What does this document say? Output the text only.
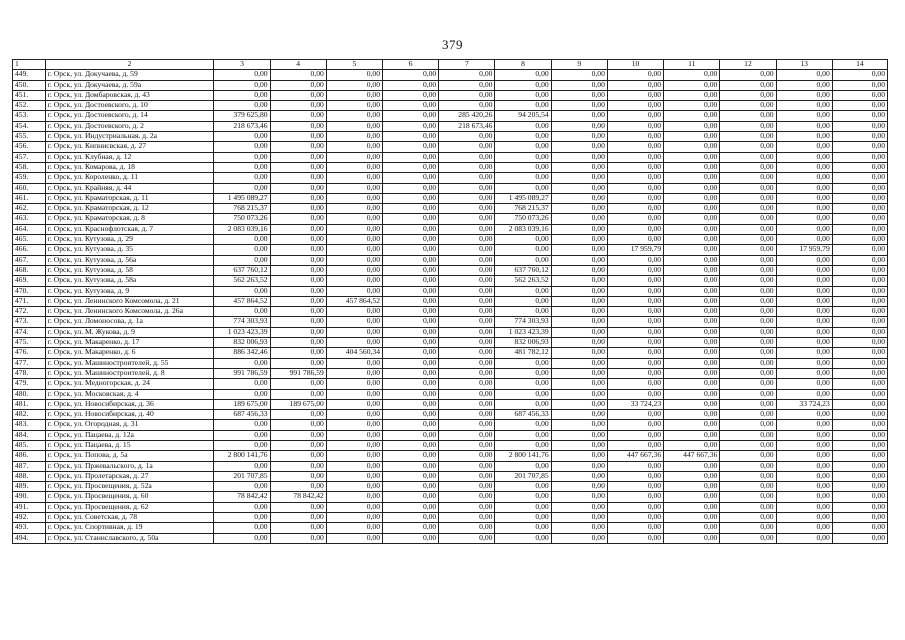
379
1	2	3	4	5	6	7	8	9	10	11	12	13	14
449.	г. Орск, ул. Докучаева, д. 59	0,00	0,00	0,00	0,00	0,00	0,00	0,00	0,00	0,00	0,00	0,00	0,00
450.	г. Орск, ул. Докучаева, д. 59а	0,00	0,00	0,00	0,00	0,00	0,00	0,00	0,00	0,00	0,00	0,00	0,00
451.	г. Орск, ул. Домбаровская, д. 43	0,00	0,00	0,00	0,00	0,00	0,00	0,00	0,00	0,00	0,00	0,00	0,00
452.	г. Орск, ул. Достоевского, д. 10	0,00	0,00	0,00	0,00	0,00	0,00	0,00	0,00	0,00	0,00	0,00	0,00
453.	г. Орск, ул. Достоевского, д. 14	379 625,80	0,00	0,00	0,00	285 420,26	94 205,54	0,00	0,00	0,00	0,00	0,00	0,00
454.	г. Орск, ул. Достоевского, д. 2	218 673,46	0,00	0,00	0,00	218 673,46	0,00	0,00	0,00	0,00	0,00	0,00	0,00
455.	г. Орск, ул. Индустриальная, д. 2а	0,00	0,00	0,00	0,00	0,00	0,00	0,00	0,00	0,00	0,00	0,00	0,00
456.	г. Орск, ул. Кипнисвская, д. 27	0,00	0,00	0,00	0,00	0,00	0,00	0,00	0,00	0,00	0,00	0,00	0,00
457.	г. Орск, ул. Клубная, д. 12	0,00	0,00	0,00	0,00	0,00	0,00	0,00	0,00	0,00	0,00	0,00	0,00
458.	г. Орск, ул. Комарова, д. 18	0,00	0,00	0,00	0,00	0,00	0,00	0,00	0,00	0,00	0,00	0,00	0,00
459.	г. Орск, ул. Короленко, д. 11	0,00	0,00	0,00	0,00	0,00	0,00	0,00	0,00	0,00	0,00	0,00	0,00
460.	г. Орск, ул. Крайняя, д. 44	0,00	0,00	0,00	0,00	0,00	0,00	0,00	0,00	0,00	0,00	0,00	0,00
461.	г. Орск, ул. Краматорская, д. 11	1 495 089,27	0,00	0,00	0,00	0,00	1 495 089,27	0,00	0,00	0,00	0,00	0,00	0,00
462.	г. Орск, ул. Краматорская, д. 12	768 215,37	0,00	0,00	0,00	0,00	768 215,37	0,00	0,00	0,00	0,00	0,00	0,00
463.	г. Орск, ул. Краматорская, д. 8	750 073,26	0,00	0,00	0,00	0,00	750 073,26	0,00	0,00	0,00	0,00	0,00	0,00
464.	г. Орск, ул. Краснофлотская, д. 7	2 083 039,16	0,00	0,00	0,00	0,00	2 083 039,16	0,00	0,00	0,00	0,00	0,00	0,00
465.	г. Орск, ул. Кутузова, д. 29	0,00	0,00	0,00	0,00	0,00	0,00	0,00	0,00	0,00	0,00	0,00	0,00
466.	г. Орск, ул. Кутузова, д. 35	0,00	0,00	0,00	0,00	0,00	0,00	0,00	17 959,79	0,00	0,00	17 959,79	0,00
467.	г. Орск, ул. Кутузова, д. 56а	0,00	0,00	0,00	0,00	0,00	0,00	0,00	0,00	0,00	0,00	0,00	0,00
468.	г. Орск, ул. Кутузова, д. 58	637 760,12	0,00	0,00	0,00	0,00	637 760,12	0,00	0,00	0,00	0,00	0,00	0,00
469.	г. Орск, ул. Кутузова, д. 58а	562 263,52	0,00	0,00	0,00	0,00	562 263,52	0,00	0,00	0,00	0,00	0,00	0,00
470.	г. Орск, ул. Кутузова, д. 9	0,00	0,00	0,00	0,00	0,00	0,00	0,00	0,00	0,00	0,00	0,00	0,00
471.	г. Орск, ул. Ленинского Комсомола, д. 21	457 864,52	0,00	457 864,52	0,00	0,00	0,00	0,00	0,00	0,00	0,00	0,00	0,00
472.	г. Орск, ул. Ленинского Комсомола, д. 26а	0,00	0,00	0,00	0,00	0,00	0,00	0,00	0,00	0,00	0,00	0,00	0,00
473.	г. Орск, ул. Ломоносова, д. 1а	774 303,93	0,00	0,00	0,00	0,00	774 303,93	0,00	0,00	0,00	0,00	0,00	0,00
474.	г. Орск, ул. М. Жукова, д. 9	1 023 423,39	0,00	0,00	0,00	0,00	1 023 423,39	0,00	0,00	0,00	0,00	0,00	0,00
475.	г. Орск, ул. Макаренко, д. 17	832 006,93	0,00	0,00	0,00	0,00	832 006,93	0,00	0,00	0,00	0,00	0,00	0,00
476.	г. Орск, ул. Макаренко, д. 6	886 342,46	0,00	404 560,34	0,00	0,00	481 782,12	0,00	0,00	0,00	0,00	0,00	0,00
477.	г. Орск, ул. Машиностроителей, д. 55	0,00	0,00	0,00	0,00	0,00	0,00	0,00	0,00	0,00	0,00	0,00	0,00
478.	г. Орск, ул. Машиностроителей, д. 8	991 786,59	991 786,59	0,00	0,00	0,00	0,00	0,00	0,00	0,00	0,00	0,00	0,00
479.	г. Орск, ул. Медногорская, д. 24	0,00	0,00	0,00	0,00	0,00	0,00	0,00	0,00	0,00	0,00	0,00	0,00
480.	г. Орск, ул. Московская, д. 4	0,00	0,00	0,00	0,00	0,00	0,00	0,00	0,00	0,00	0,00	0,00	0,00
481.	г. Орск, ул. Новосибирская, д. 36	189 675,00	189 675,00	0,00	0,00	0,00	0,00	0,00	33 724,23	0,00	0,00	33 724,23	0,00
482.	г. Орск, ул. Новосибирская, д. 40	687 456,33	0,00	0,00	0,00	0,00	687 456,33	0,00	0,00	0,00	0,00	0,00	0,00
483.	г. Орск, ул. Огородная, д. 31	0,00	0,00	0,00	0,00	0,00	0,00	0,00	0,00	0,00	0,00	0,00	0,00
484.	г. Орск, ул. Пацаева, д. 12а	0,00	0,00	0,00	0,00	0,00	0,00	0,00	0,00	0,00	0,00	0,00	0,00
485.	г. Орск, ул. Пацаева, д. 15	0,00	0,00	0,00	0,00	0,00	0,00	0,00	0,00	0,00	0,00	0,00	0,00
486.	г. Орск, ул. Попова, д. 5а	2 800 141,76	0,00	0,00	0,00	0,00	2 800 141,76	0,00	447 667,36	447 667,36	0,00	0,00	0,00
487.	г. Орск, ул. Пржевальского, д. 1а	0,00	0,00	0,00	0,00	0,00	0,00	0,00	0,00	0,00	0,00	0,00	0,00
488.	г. Орск, ул. Пролетарская, д. 27	201 707,85	0,00	0,00	0,00	0,00	201 707,85	0,00	0,00	0,00	0,00	0,00	0,00
489.	г. Орск, ул. Просвещения, д. 52а	0,00	0,00	0,00	0,00	0,00	0,00	0,00	0,00	0,00	0,00	0,00	0,00
490.	г. Орск, ул. Просвещения, д. 60	78 842,42	78 842,42	0,00	0,00	0,00	0,00	0,00	0,00	0,00	0,00	0,00	0,00
491.	г. Орск, ул. Просвещения, д. 62	0,00	0,00	0,00	0,00	0,00	0,00	0,00	0,00	0,00	0,00	0,00	0,00
492.	г. Орск, ул. Советская, д. 78	0,00	0,00	0,00	0,00	0,00	0,00	0,00	0,00	0,00	0,00	0,00	0,00
493.	г. Орск, ул. Спортивная, д. 19	0,00	0,00	0,00	0,00	0,00	0,00	0,00	0,00	0,00	0,00	0,00	0,00
494.	г. Орск, ул. Станиславского, д. 50а	0,00	0,00	0,00	0,00	0,00	0,00	0,00	0,00	0,00	0,00	0,00	0,00
